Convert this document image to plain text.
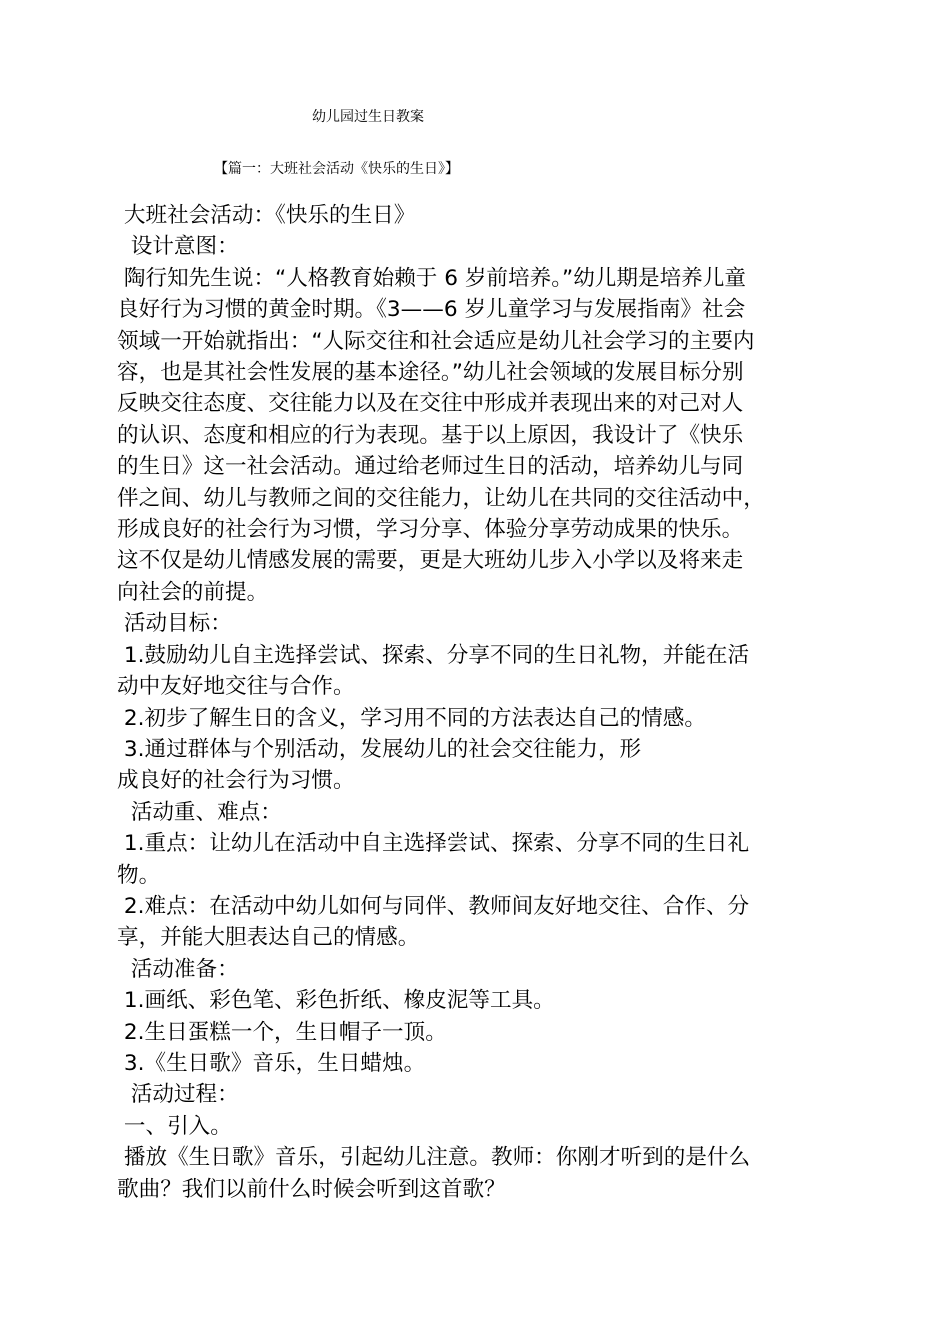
幼儿园过生日教案
【篇一：大班社会活动《快乐的生日》】

大班社会活动：《快乐的生日》

设计意图：

陶行知先生说：“人格教育始赖于 6 岁前培养。”幼儿期是培养儿童

良好行为习惯的黄金时期。《3——6 岁儿童学习与发展指南》社会

领域一开始就指出：“人际交往和社会适应是幼儿社会学习的主要内

容，也是其社会性发展的基本途径。”幼儿社会领域的发展目标分别

反映交往态度、交往能力以及在交往中形成并表现出来的对己对人

的认识、态度和相应的行为表现。基于以上原因，我设计了《快乐

的生日》这一社会活动。通过给老师过生日的活动，培养幼儿与同

伴之间、幼儿与教师之间的交往能力，让幼儿在共同的交往活动中，

形成良好的社会行为习惯，学习分享、体验分享劳动成果的快乐。

这不仅是幼儿情感发展的需要，更是大班幼儿步入小学以及将来走

向社会的前提。

活动目标：

1.鼓励幼儿自主选择尝试、探索、分享不同的生日礼物，并能在活

动中友好地交往与合作。

2.初步了解生日的含义，学习用不同的方法表达自己的情感。

3.通过群体与个别活动，发展幼儿的社会交往能力，形

成良好的社会行为习惯。

活动重、难点：

1.重点：让幼儿在活动中自主选择尝试、探索、分享不同的生日礼

物。

2.难点：在活动中幼儿如何与同伴、教师间友好地交往、合作、分

享，并能大胆表达自己的情感。

活动准备：

1.画纸、彩色笔、彩色折纸、橡皮泥等工具。

2.生日蛋糕一个，生日帽子一顶。

3.《生日歌》音乐，生日蜡烛。

活动过程：

一、引入。

播放《生日歌》音乐，引起幼儿注意。教师：你刚才听到的是什么

歌曲？我们以前什么时候会听到这首歌？
